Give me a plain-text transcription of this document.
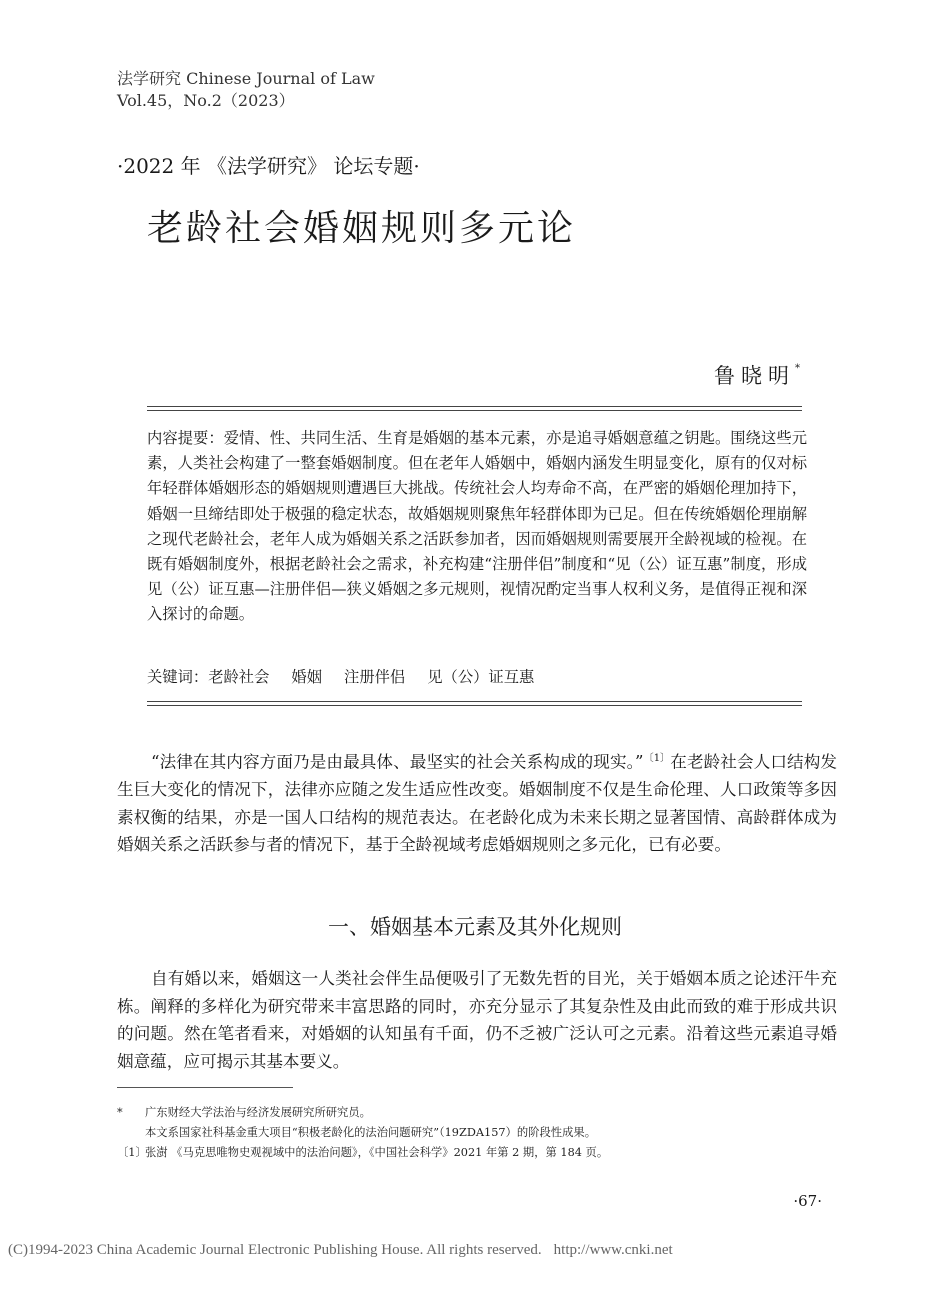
法学研究 Chinese Journal of Law
Vol.45，No.2（2023）
·2022 年 《法学研究》 论坛专题·
老龄社会婚姻规则多元论
鲁晓明*

内容提要：爱情、性、共同生活、生育是婚姻的基本元素，亦是追寻婚姻意蕴之钥匙。围绕这些元素，人类社会构建了一整套婚姻制度。但在老年人婚姻中，婚姻内涵发生明显变化，原有的仅对标年轻群体婚姻形态的婚姻规则遭遇巨大挑战。传统社会人均寿命不高，在严密的婚姻伦理加持下，婚姻一旦缔结即处于极强的稳定状态，故婚姻规则聚焦年轻群体即为已足。但在传统婚姻伦理崩解之现代老龄社会，老年人成为婚姻关系之活跃参加者，因而婚姻规则需要展开全龄视域的检视。在既有婚姻制度外，根据老龄社会之需求，补充构建“注册伴侣”制度和“见（公）证互惠”制度，形成见（公）证互惠—注册伴侣—狭义婚姻之多元规则，视情况酌定当事人权利义务，是值得正视和深入探讨的命题。

关键词：老龄社会 婚姻 注册伴侣 见（公）证互惠

“法律在其内容方面乃是由最具体、最坚实的社会关系构成的现实。”$^{〔1〕}$在老龄社会人口结构发生巨大变化的情况下，法律亦应随之发生适应性改变。婚姻制度不仅是生命伦理、人口政策等多因素权衡的结果，亦是一国人口结构的规范表达。在老龄化成为未来长期之显著国情、高龄群体成为婚姻关系之活跃参与者的情况下，基于全龄视域考虑婚姻规则之多元化，已有必要。

一、婚姻基本元素及其外化规则

自有婚以来，婚姻这一人类社会伴生品便吸引了无数先哲的目光，关于婚姻本质之论述汗牛充栋。阐释的多样化为研究带来丰富思路的同时，亦充分显示了其复杂性及由此而致的难于形成共识的问题。然在笔者看来，对婚姻的认知虽有千面，仍不乏被广泛认可之元素。沿着这些元素追寻婚姻意蕴，应可揭示其基本要义。

* 广东财经大学法治与经济发展研究所研究员。
本文系国家社科基金重大项目“积极老龄化的法治问题研究”（19ZDA157）的阶段性成果。
〔1〕张澍 《马克思唯物史观视域中的法治问题》，《中国社会科学》2021 年第 2 期，第 184 页。
·67·
(C)1994-2023 China Academic Journal Electronic Publishing House. All rights reserved. http://www.cnki.net
